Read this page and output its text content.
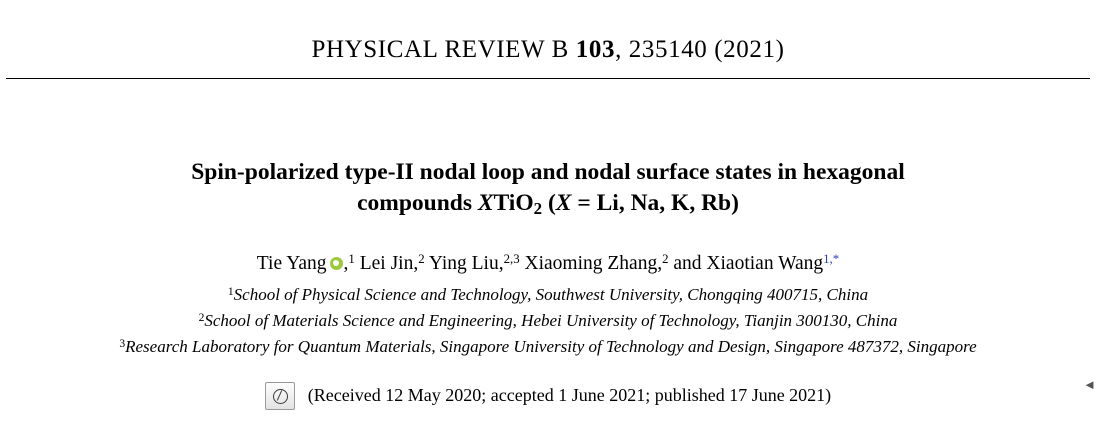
PHYSICAL REVIEW B 103, 235140 (2021)
Spin-polarized type-II nodal loop and nodal surface states in hexagonal
compounds XTiO$_2$ (X = Li, Na, K, Rb)
Tie Yang ,$^1$ Lei Jin,$^2$ Ying Liu,$^{2,3}$ Xiaoming Zhang,$^2$ and Xiaotian Wang$^{1,*}$
$^1$School of Physical Science and Technology, Southwest University, Chongqing 400715, China
$^2$School of Materials Science and Engineering, Hebei University of Technology, Tianjin 300130, China
$^3$Research Laboratory for Quantum Materials, Singapore University of Technology and Design, Singapore 487372, Singapore
(Received 12 May 2020; accepted 1 June 2021; published 17 June 2021)
◄
